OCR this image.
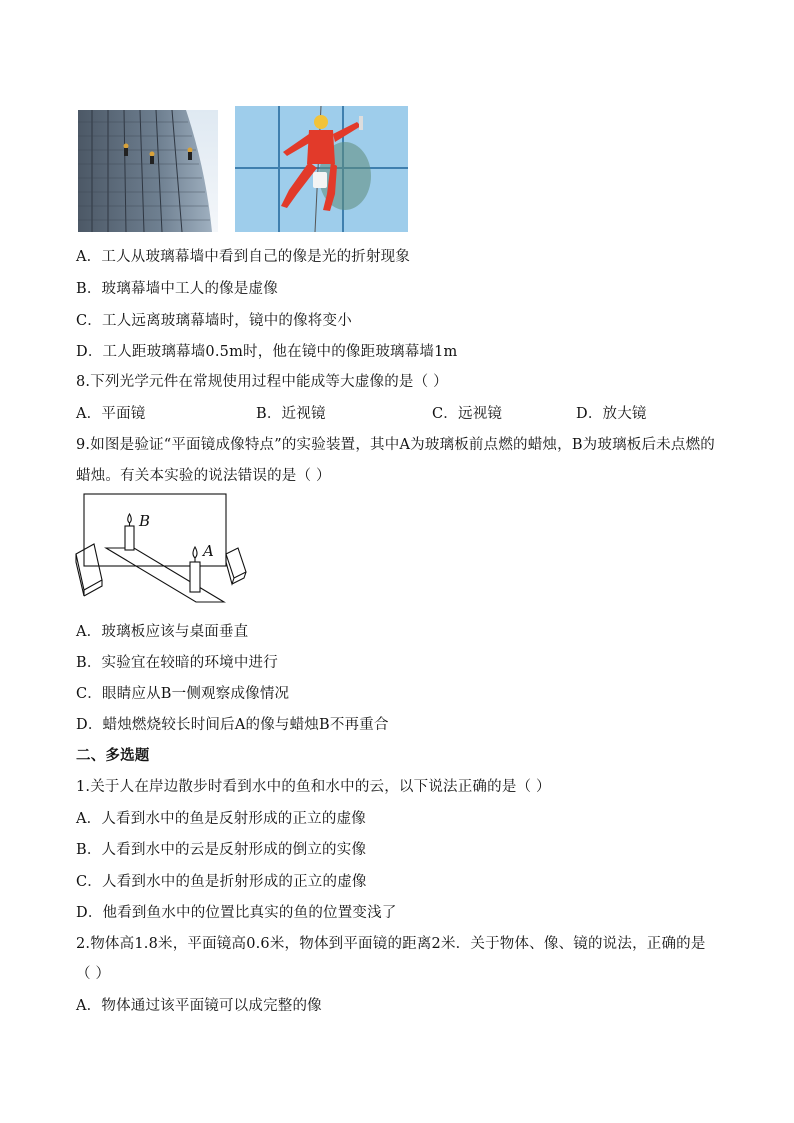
A．工人从玻璃幕墙中看到自己的像是光的折射现象
B．玻璃幕墙中工人的像是虚像
C．工人远离玻璃幕墙时，镜中的像将变小
D．工人距玻璃幕墙0.5m时，他在镜中的像距玻璃幕墙1m
8.下列光学元件在常规使用过程中能成等大虚像的是（ ）
A．平面镜	B．近视镜	C．远视镜	D．放大镜
9.如图是验证“平面镜成像特点”的实验装置，其中A为玻璃板前点燃的蜡烛，B为玻璃板后未点燃的
蜡烛。有关本实验的说法错误的是（ ）
B
A
A．玻璃板应该与桌面垂直
B．实验宜在较暗的环境中进行
C．眼睛应从B一侧观察成像情况
D．蜡烛燃烧较长时间后A的像与蜡烛B不再重合
二、多选题
1.关于人在岸边散步时看到水中的鱼和水中的云，以下说法正确的是（ ）
A．人看到水中的鱼是反射形成的正立的虚像
B．人看到水中的云是反射形成的倒立的实像
C．人看到水中的鱼是折射形成的正立的虚像
D．他看到鱼水中的位置比真实的鱼的位置变浅了
2.物体高1.8米，平面镜高0.6米，物体到平面镜的距离2米．关于物体、像、镜的说法，正确的是
（ ）
A．物体通过该平面镜可以成完整的像
